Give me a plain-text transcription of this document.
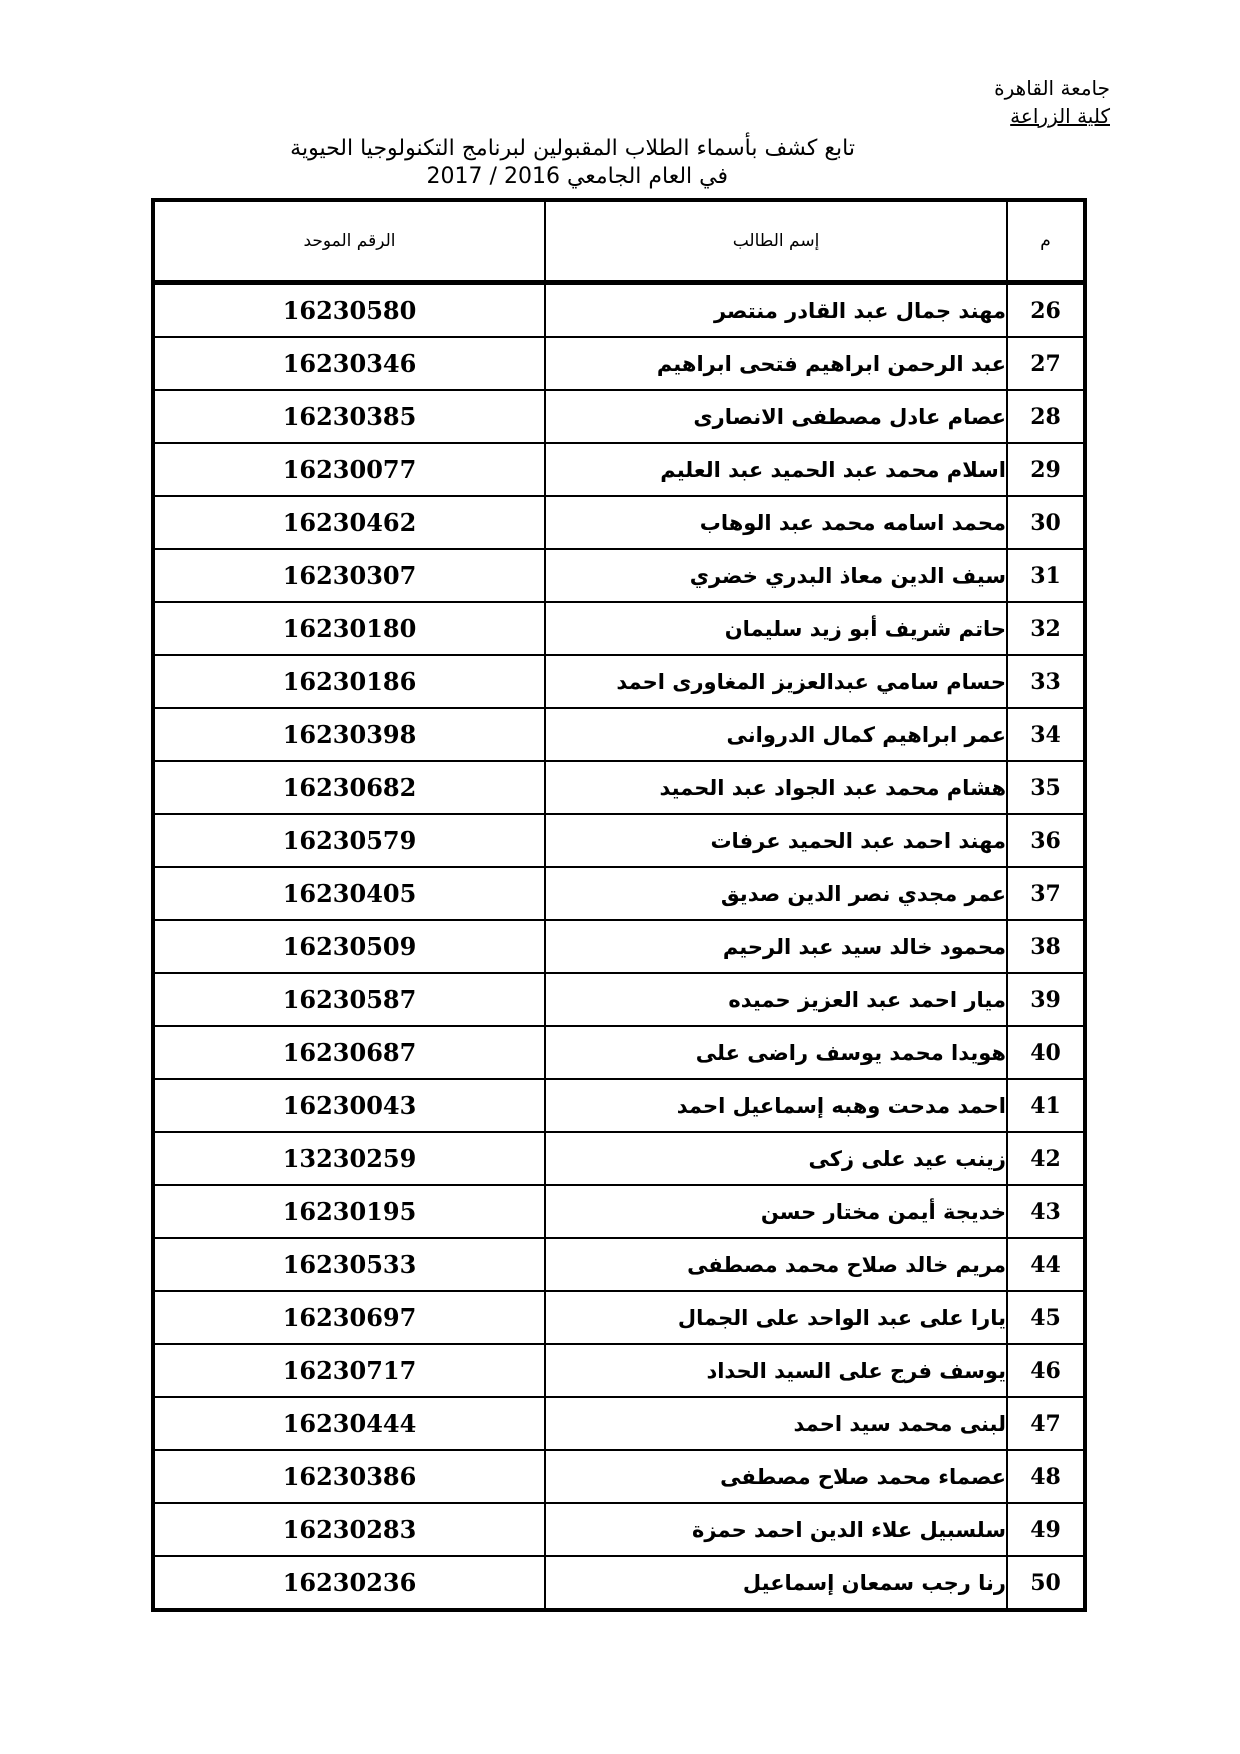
جامعة القاهرة
كلية الزراعة
تابع كشف بأسماء الطلاب المقبولين لبرنامج التكنولوجيا الحيوية
في العام الجامعي 2016 / 2017
م	إسم الطالب	الرقم الموحد
26	مهند جمال عبد القادر منتصر	16230580
27	عبد الرحمن ابراهيم فتحى ابراهيم	16230346
28	عصام عادل مصطفى الانصارى	16230385
29	اسلام محمد عبد الحميد عبد العليم	16230077
30	محمد اسامه محمد عبد الوهاب	16230462
31	سيف الدين معاذ البدري خضري	16230307
32	حاتم شريف أبو زيد سليمان	16230180
33	حسام سامي عبدالعزيز المغاورى احمد	16230186
34	عمر ابراهيم كمال الدروانى	16230398
35	هشام محمد عبد الجواد عبد الحميد	16230682
36	مهند احمد عبد الحميد عرفات	16230579
37	عمر مجدي نصر الدين صديق	16230405
38	محمود خالد سيد عبد الرحيم	16230509
39	ميار احمد عبد العزيز حميده	16230587
40	هويدا محمد يوسف راضى على	16230687
41	احمد مدحت وهبه إسماعيل احمد	16230043
42	زينب عيد على زكى	13230259
43	خديجة أيمن مختار حسن	16230195
44	مريم خالد صلاح محمد مصطفى	16230533
45	يارا على عبد الواحد على الجمال	16230697
46	يوسف فرج على السيد الحداد	16230717
47	لبنى محمد سيد احمد	16230444
48	عصماء محمد صلاح مصطفى	16230386
49	سلسبيل علاء الدين احمد حمزة	16230283
50	رنا رجب سمعان إسماعيل	16230236
